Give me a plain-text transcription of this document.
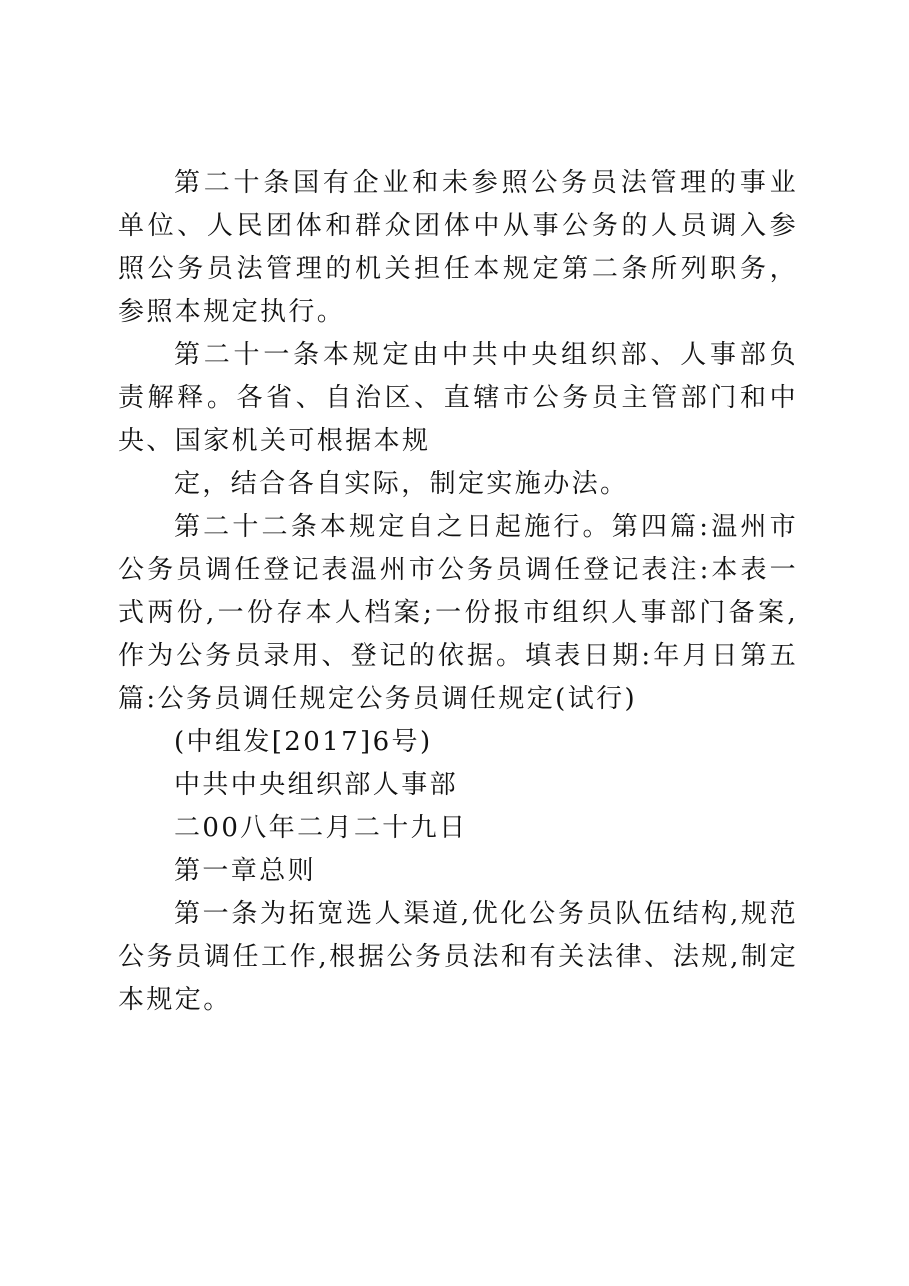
第二十条国有企业和未参照公务员法管理的事业单位、人民团体和群众团体中从事公务的人员调入参照公务员法管理的机关担任本规定第二条所列职务，参照本规定执行。

第二十一条本规定由中共中央组织部、人事部负责解释。各省、自治区、直辖市公务员主管部门和中央、国家机关可根据本规

定，结合各自实际，制定实施办法。

第二十二条本规定自之日起施行。第四篇:温州市公务员调任登记表温州市公务员调任登记表注:本表一式两份,一份存本人档案;一份报市组织人事部门备案,作为公务员录用、登记的依据。填表日期:年月日第五篇:公务员调任规定公务员调任规定(试行)

(中组发[2017]6号)

中共中央组织部人事部

二00八年二月二十九日

第一章总则

第一条为拓宽选人渠道,优化公务员队伍结构,规范公务员调任工作,根据公务员法和有关法律、法规,制定本规定。
